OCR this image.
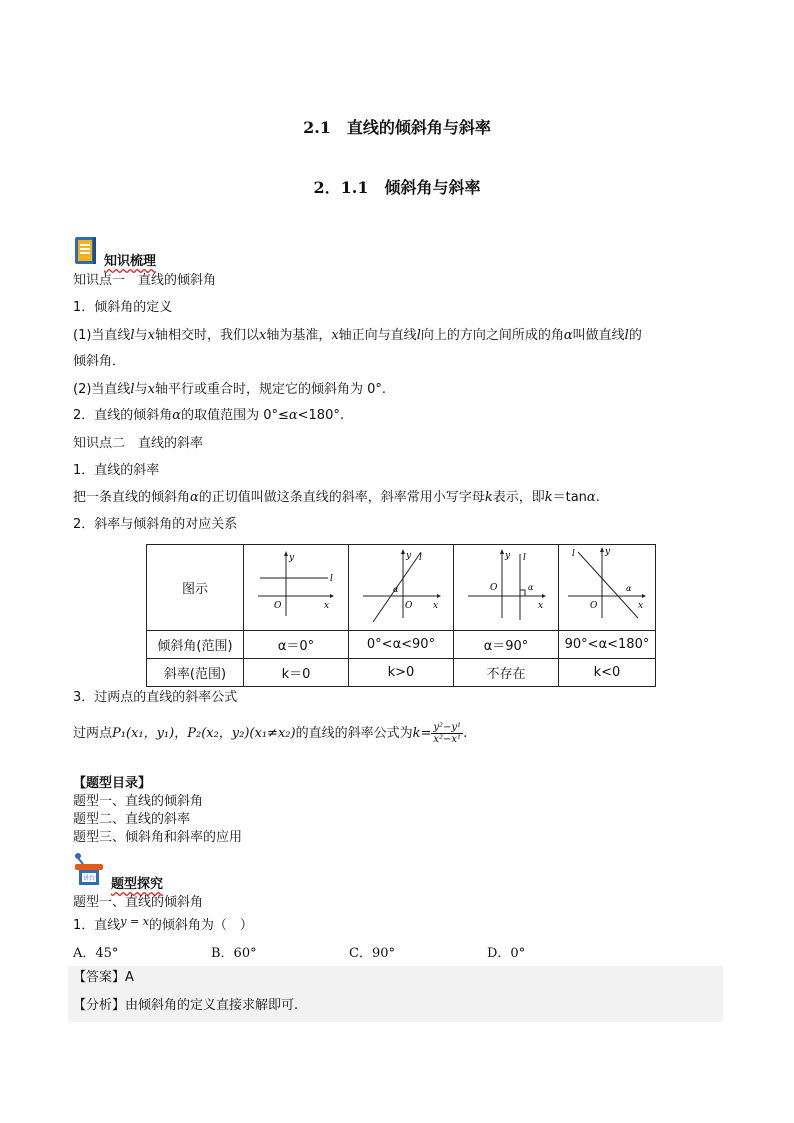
2.1　直线的倾斜角与斜率
2．1.1　倾斜角与斜率
知识梳理
知识点一　直线的倾斜角
1．倾斜角的定义
(1)当直线l与x轴相交时，我们以x轴为基准，x轴正向与直线l向上的方向之间所成的角α叫做直线l的
倾斜角．
(2)当直线l与x轴平行或重合时，规定它的倾斜角为 0°.
2．直线的倾斜角α的取值范围为 0°≤α<180°.
知识点二　直线的斜率
1．直线的斜率
把一条直线的倾斜角α的正切值叫做这条直线的斜率，斜率常用小写字母k表示，即k＝tanα.
2．斜率与倾斜角的对应关系
图示	y
l
O x	y l
α
O x	y l
α
O
x	y
l
α
O x

倾斜角(范围)	α＝0°	0°<α<90°	α＝90°	90°<α<180°
斜率(范围)	k＝0	k>0	不存在	k<0
3．过两点的直线的斜率公式
过两点P₁(x₁，y₁)，P₂(x₂，y₂)(x₁≠x₂)的直线的斜率公式为$k= \frac{\text{y²−y¹}}{\text{x²−x¹}}$ .
【题型目录】
题型一、直线的倾斜角
题型二、直线的斜率
题型三、倾斜角和斜率的应用
讲台 题型探究
题型一、直线的倾斜角
1．直线$^{y = x}$的倾斜角为（　）
A．45°	B．60°	C．90°	D．0°
【答案】A
【分析】由倾斜角的定义直接求解即可.
